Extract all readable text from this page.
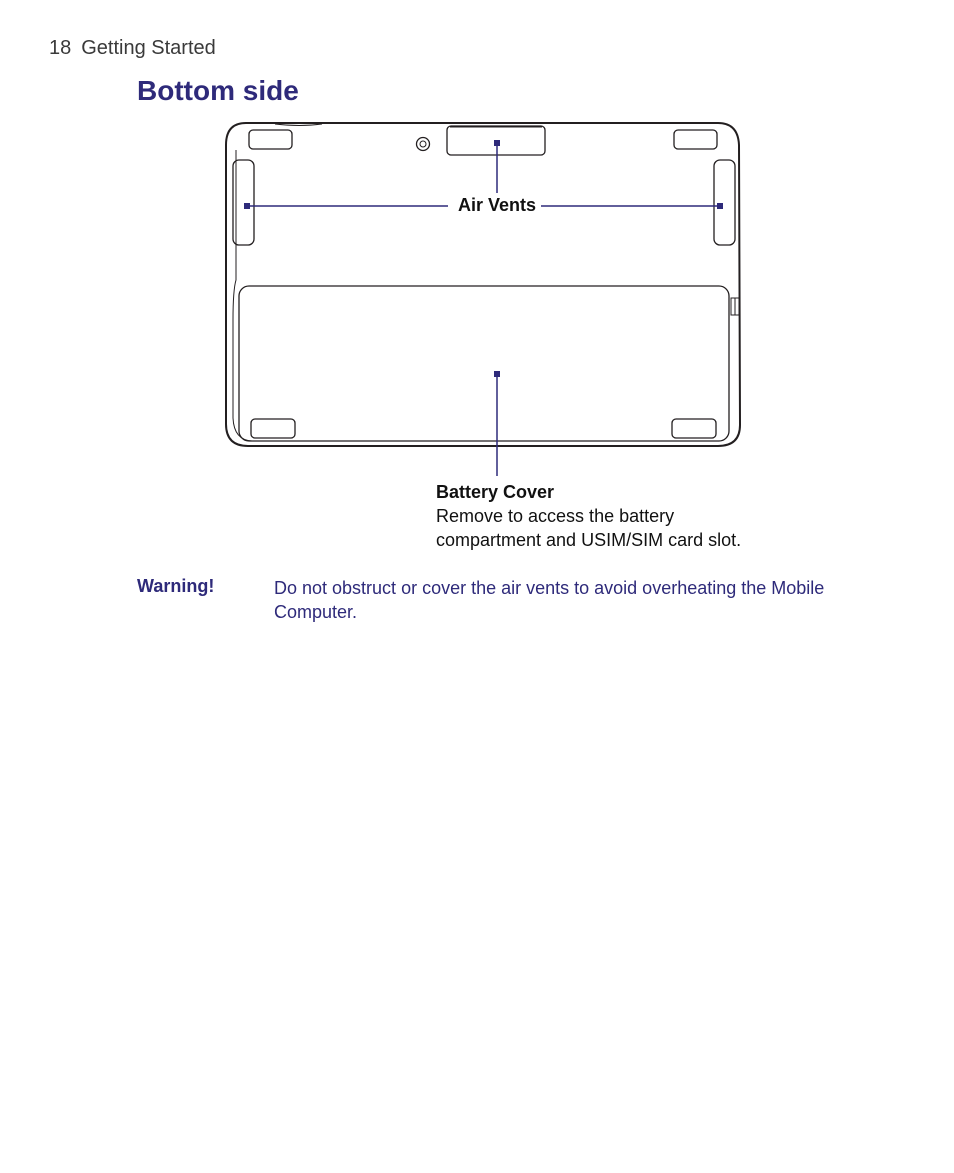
18 Getting Started
Bottom side
Air Vents
Battery Cover
Remove to access the battery compartment and USIM/SIM card slot.
Warning!	Do not obstruct or cover the air vents to avoid overheating the Mobile Computer.
